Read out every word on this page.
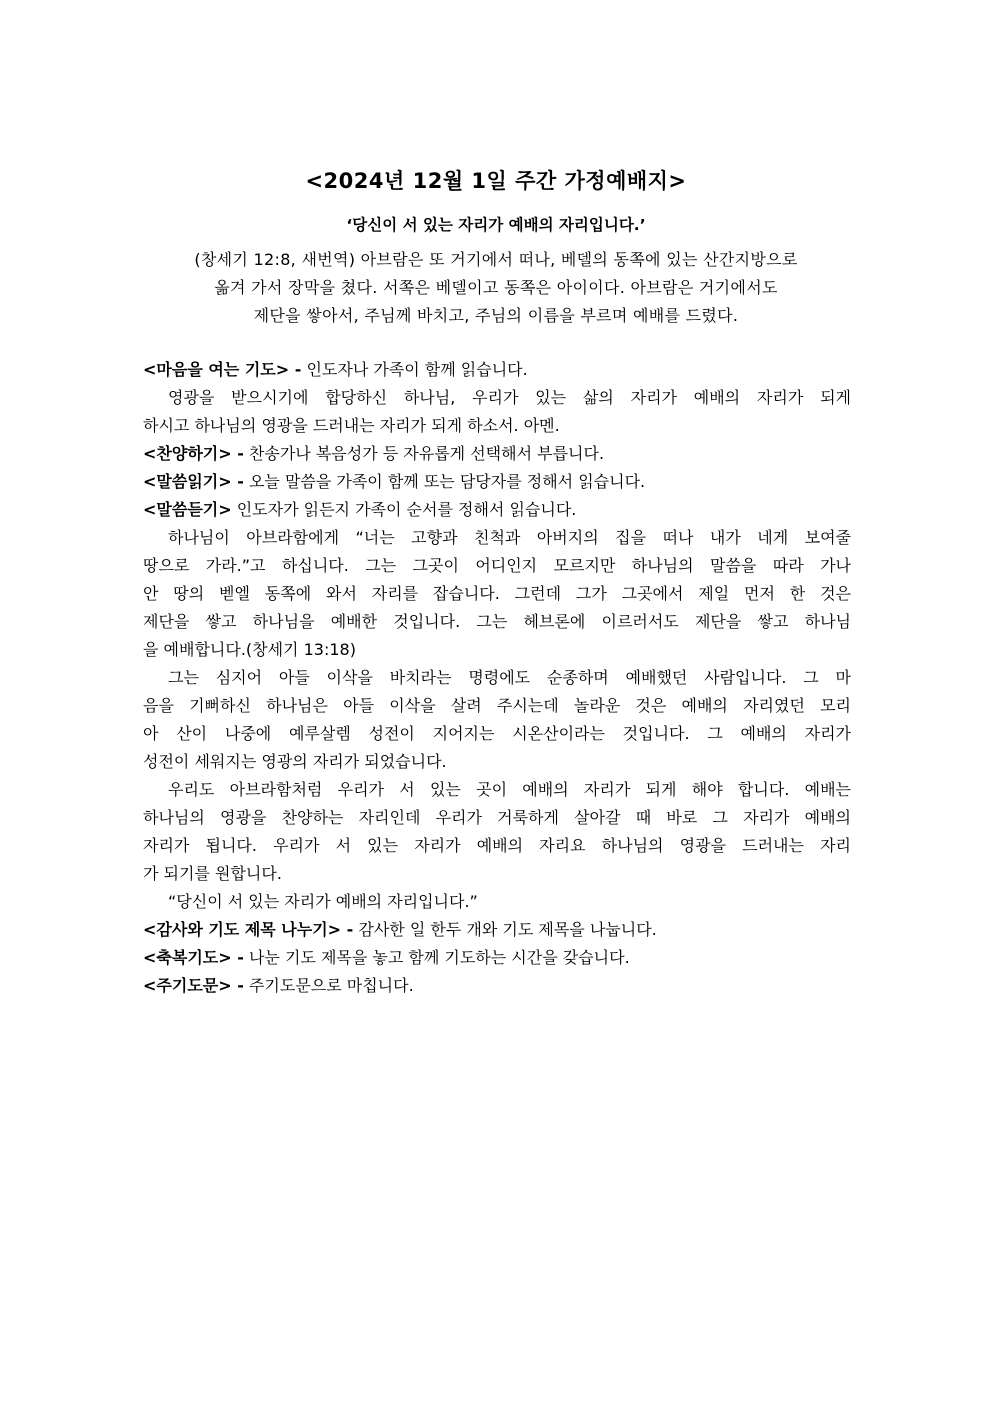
<2024년 12월 1일 주간 가정예배지>
‘당신이 서 있는 자리가 예배의 자리입니다.’
(창세기 12:8, 새번역) 아브람은 또 거기에서 떠나, 베델의 동쪽에 있는 산간지방으로
옮겨 가서 장막을 쳤다. 서쪽은 베델이고 동쪽은 아이이다. 아브람은 거기에서도
제단을 쌓아서, 주님께 바치고, 주님의 이름을 부르며 예배를 드렸다.
<마음을 여는 기도> - 인도자나 가족이 함께 읽습니다.
영광을 받으시기에 합당하신 하나님, 우리가 있는 삶의 자리가 예배의 자리가 되게
하시고 하나님의 영광을 드러내는 자리가 되게 하소서. 아멘.
<찬양하기> - 찬송가나 복음성가 등 자유롭게 선택해서 부릅니다.
<말씀읽기> - 오늘 말씀을 가족이 함께 또는 담당자를 정해서 읽습니다.
<말씀듣기> 인도자가 읽든지 가족이 순서를 정해서 읽습니다.
하나님이 아브라함에게 “너는 고향과 친척과 아버지의 집을 떠나 내가 네게 보여줄
땅으로 가라.”고 하십니다. 그는 그곳이 어디인지 모르지만 하나님의 말씀을 따라 가나
안 땅의 벧엘 동쪽에 와서 자리를 잡습니다. 그런데 그가 그곳에서 제일 먼저 한 것은
제단을 쌓고 하나님을 예배한 것입니다. 그는 헤브론에 이르러서도 제단을 쌓고 하나님
을 예배합니다.(창세기 13:18)
그는 심지어 아들 이삭을 바치라는 명령에도 순종하며 예배했던 사람입니다. 그 마
음을 기뻐하신 하나님은 아들 이삭을 살려 주시는데 놀라운 것은 예배의 자리였던 모리
아 산이 나중에 예루살렘 성전이 지어지는 시온산이라는 것입니다. 그 예배의 자리가
성전이 세워지는 영광의 자리가 되었습니다.
우리도 아브라함처럼 우리가 서 있는 곳이 예배의 자리가 되게 해야 합니다. 예배는
하나님의 영광을 찬양하는 자리인데 우리가 거룩하게 살아갈 때 바로 그 자리가 예배의
자리가 됩니다. 우리가 서 있는 자리가 예배의 자리요 하나님의 영광을 드러내는 자리
가 되기를 원합니다.
“당신이 서 있는 자리가 예배의 자리입니다.”
<감사와 기도 제목 나누기> - 감사한 일 한두 개와 기도 제목을 나눕니다.
<축복기도> - 나눈 기도 제목을 놓고 함께 기도하는 시간을 갖습니다.
<주기도문> - 주기도문으로 마칩니다.
